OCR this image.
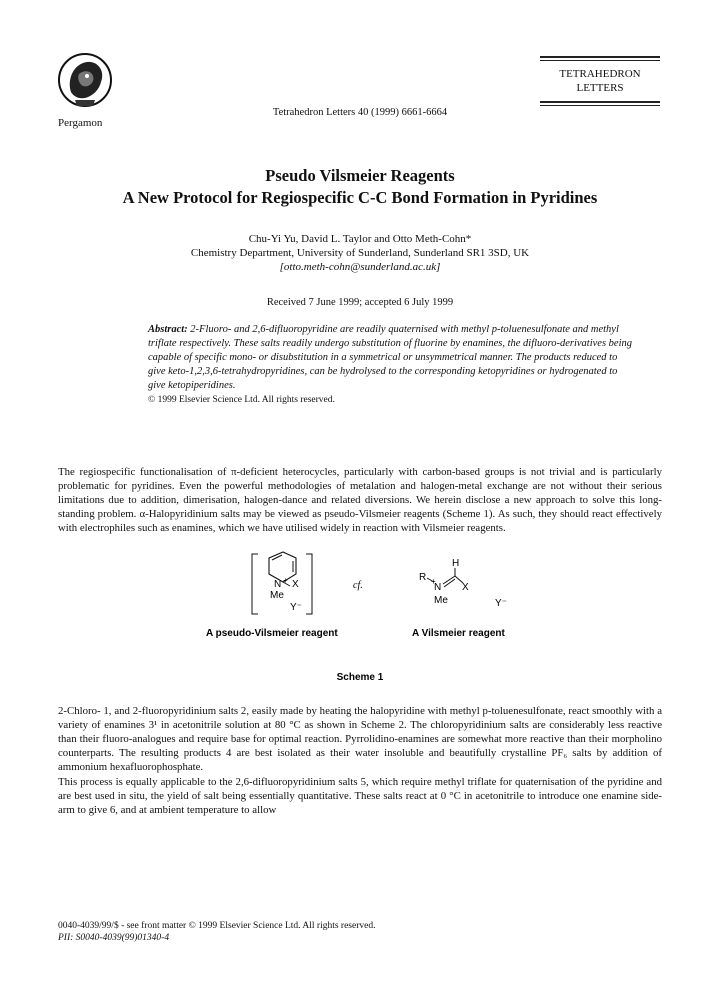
Pergamon
Tetrahedron Letters 40 (1999) 6661-6664
TETRAHEDRON
LETTERS
Pseudo Vilsmeier Reagents
A New Protocol for Regiospecific C-C Bond Formation in Pyridines
Chu-Yi Yu, David L. Taylor and Otto Meth-Cohn*
Chemistry Department, University of Sunderland, Sunderland SR1 3SD, UK
[otto.meth-cohn@sunderland.ac.uk]
Received 7 June 1999; accepted 6 July 1999
Abstract: 2-Fluoro- and 2,6-difluoropyridine are readily quaternised with methyl p-toluenesulfonate and methyl triflate respectively. These salts readily undergo substitution of fluorine by enamines, the difluoro-derivatives being capable of specific mono- or disubstitution in a symmetrical or unsymmetrical manner. The products reduced to give keto-1,2,3,6-tetrahydropyridines, can be hydrolysed to the corresponding ketopyridines or hydrogenated to give ketopiperidines.
© 1999 Elsevier Science Ltd. All rights reserved.
The regiospecific functionalisation of π-deficient heterocycles, particularly with carbon-based groups is not trivial and is particularly problematic for pyridines. Even the powerful methodologies of metalation and halogen-metal exchange are not without their serious limitations due to addition, dimerisation, halogen-dance and related diversions. We herein disclose a new approach to solve this long-standing problem. α-Halopyridinium salts may be viewed as pseudo-Vilsmeier reagents (Scheme 1). As such, they should react effectively with electrophiles such as enamines, which we have utilised widely in reaction with Vilsmeier reagents.
N + X
Me
Y⁻
cf.
H
R
N
+
X
Me	Y⁻
A pseudo-Vilsmeier reagent	A Vilsmeier reagent
Scheme 1
2-Chloro- 1, and 2-fluoropyridinium salts 2, easily made by heating the halopyridine with methyl p-toluenesulfonate, react smoothly with a variety of enamines 3¹ in acetonitrile solution at 80 °C as shown in Scheme 2. The chloropyridinium salts are considerably less reactive than their fluoro-analogues and require base for optimal reaction. Pyrrolidino-enamines are somewhat more reactive than their morpholino counterparts. The resulting products 4 are best isolated as their water insoluble and beautifully crystalline PF₆ salts by addition of ammonium hexafluorophosphate.
This process is equally applicable to the 2,6-difluoropyridinium salts 5, which require methyl triflate for quaternisation of the pyridine and are best used in situ, the yield of salt being essentially quantitative. These salts react at 0 °C in acetonitrile to introduce one enamine side-arm to give 6, and at ambient temperature to allow
0040-4039/99/$ - see front matter © 1999 Elsevier Science Ltd. All rights reserved.
PII: S0040-4039(99)01340-4
